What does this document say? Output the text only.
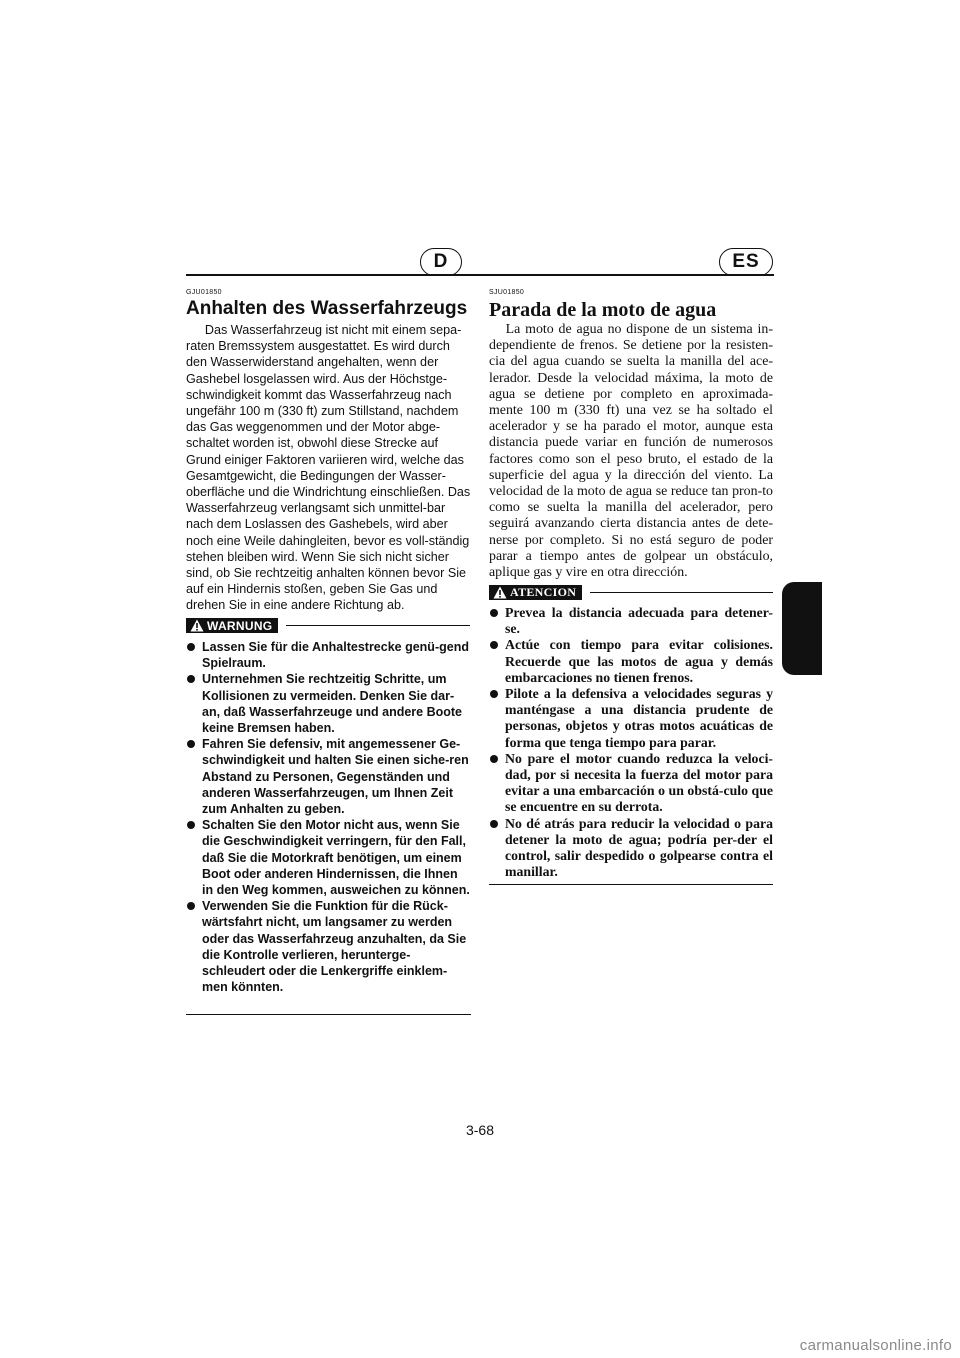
D	ES
GJU01850
Anhalten des Wasserfahrzeugs
Das Wasserfahrzeug ist nicht mit einem sepa-raten Bremssystem ausgestattet. Es wird durch den Wasserwiderstand angehalten, wenn der Gashebel losgelassen wird. Aus der Höchstge-schwindigkeit kommt das Wasserfahrzeug nach ungefähr 100 m (330 ft) zum Stillstand, nachdem das Gas weggenommen und der Motor abge-schaltet worden ist, obwohl diese Strecke auf Grund einiger Faktoren variieren wird, welche das Gesamtgewicht, die Bedingungen der Wasser-oberfläche und die Windrichtung einschließen. Das Wasserfahrzeug verlangsamt sich unmittel-bar nach dem Loslassen des Gashebels, wird aber noch eine Weile dahingleiten, bevor es voll-ständig stehen bleiben wird. Wenn Sie sich nicht sicher sind, ob Sie rechtzeitig anhalten können bevor Sie auf ein Hindernis stoßen, geben Sie Gas und drehen Sie in eine andere Richtung ab.
WARNUNG
Lassen Sie für die Anhaltestrecke genü-gend Spielraum.
Unternehmen Sie rechtzeitig Schritte, um Kollisionen zu vermeiden. Denken Sie dar-an, daß Wasserfahrzeuge und andere Boote keine Bremsen haben.
Fahren Sie defensiv, mit angemessener Ge-schwindigkeit und halten Sie einen siche-ren Abstand zu Personen, Gegenständen und anderen Wasserfahrzeugen, um Ihnen Zeit zum Anhalten zu geben.
Schalten Sie den Motor nicht aus, wenn Sie die Geschwindigkeit verringern, für den Fall, daß Sie die Motorkraft benötigen, um einem Boot oder anderen Hindernissen, die Ihnen in den Weg kommen, ausweichen zu können.
Verwenden Sie die Funktion für die Rück-wärtsfahrt nicht, um langsamer zu werden oder das Wasserfahrzeug anzuhalten, da Sie die Kontrolle verlieren, herunterge-schleudert oder die Lenkergriffe einklem-men könnten.
SJU01850
Parada de la moto de agua
La moto de agua no dispone de un sistema in-dependiente de frenos. Se detiene por la resisten-cia del agua cuando se suelta la manilla del ace-lerador. Desde la velocidad máxima, la moto de agua se detiene por completo en aproximada-mente 100 m (330 ft) una vez se ha soltado el acelerador y se ha parado el motor, aunque esta distancia puede variar en función de numerosos factores como son el peso bruto, el estado de la superficie del agua y la dirección del viento. La velocidad de la moto de agua se reduce tan pron-to como se suelta la manilla del acelerador, pero seguirá avanzando cierta distancia antes de dete-nerse por completo. Si no está seguro de poder parar a tiempo antes de golpear un obstáculo, aplique gas y vire en otra dirección.
ATENCION
Prevea la distancia adecuada para detener-se.
Actúe con tiempo para evitar colisiones. Recuerde que las motos de agua y demás embarcaciones no tienen frenos.
Pilote a la defensiva a velocidades seguras y manténgase a una distancia prudente de personas, objetos y otras motos acuáticas de forma que tenga tiempo para parar.
No pare el motor cuando reduzca la veloci-dad, por si necesita la fuerza del motor para evitar a una embarcación o un obstá-culo que se encuentre en su derrota.
No dé atrás para reducir la velocidad o para detener la moto de agua; podría per-der el control, salir despedido o golpearse contra el manillar.
3-68
carmanualsonline.info
